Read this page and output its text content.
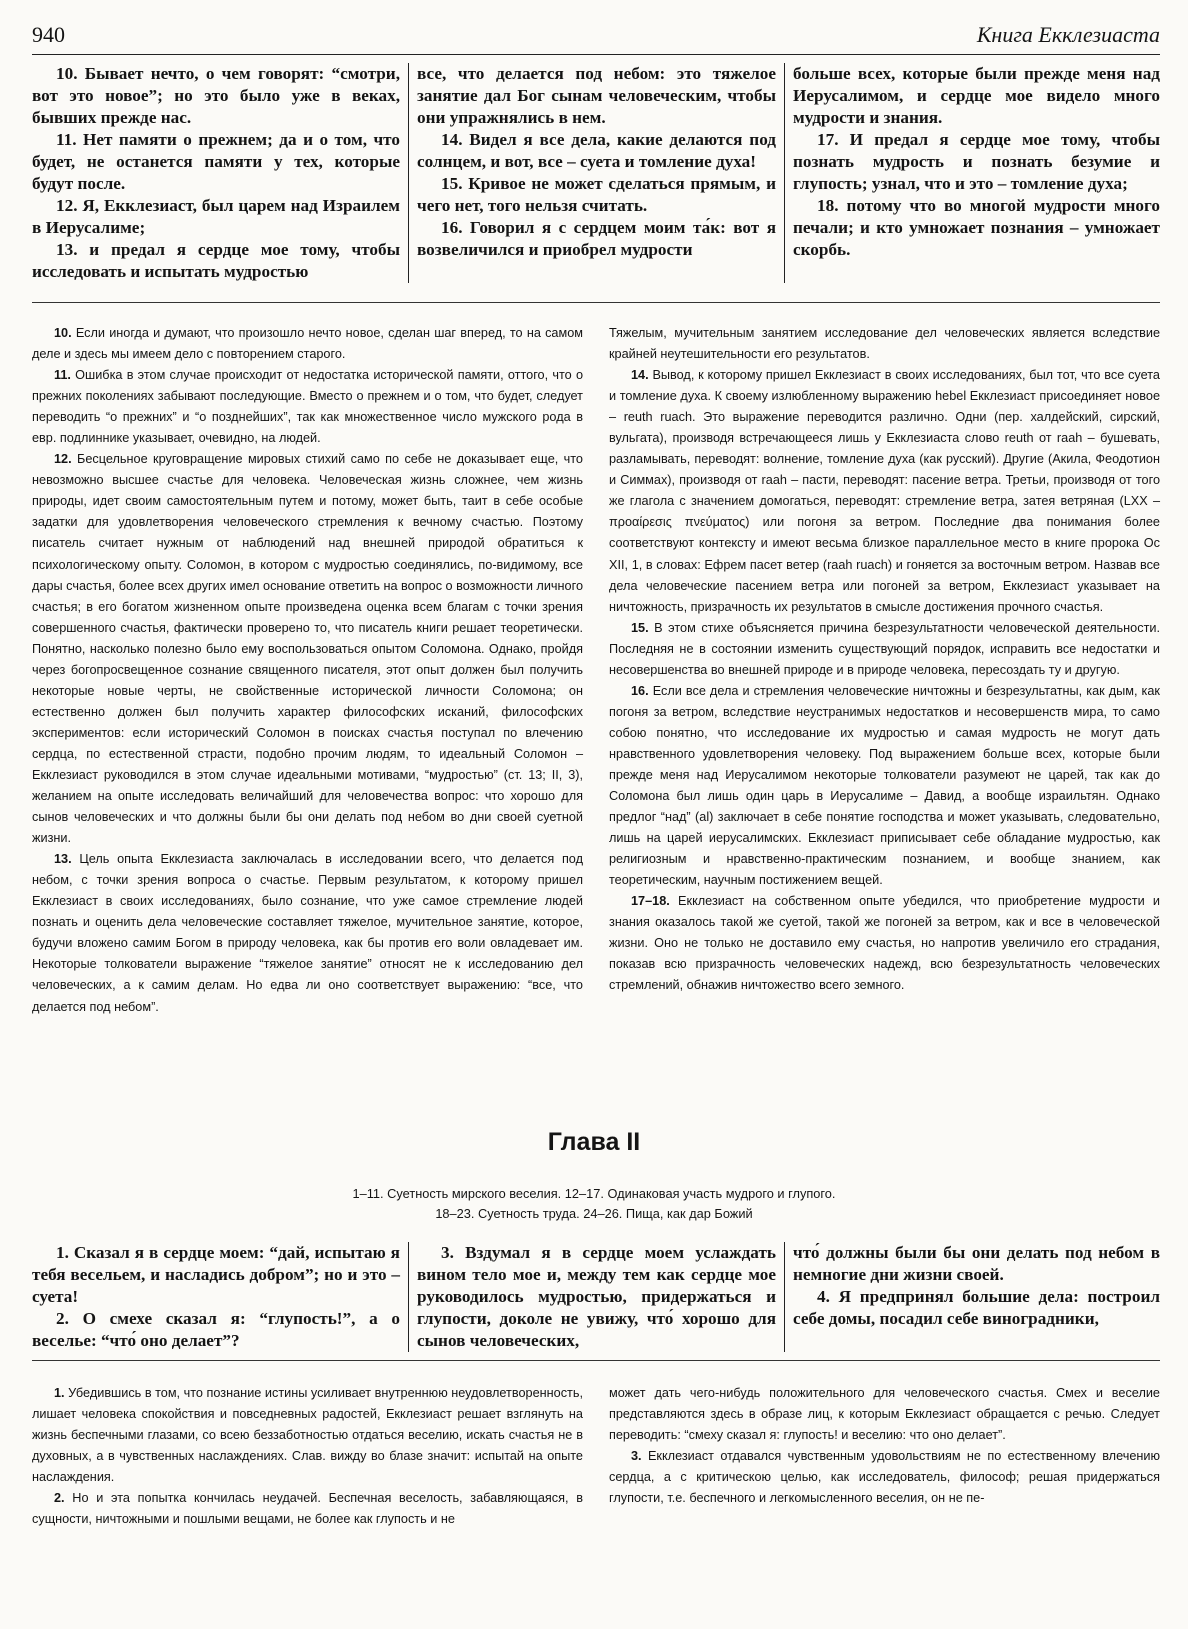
940	Книга Екклезиаста

10. Бывает нечто, о чем говорят: “смотри, вот это новое”; но это было уже в веках, бывших прежде нас.

11. Нет памяти о прежнем; да и о том, что будет, не останется памяти у тех, которые будут после.

12. Я, Екклезиаст, был царем над Израилем в Иерусалиме;

13. и предал я сердце мое тому, чтобы исследовать и испытать мудростью

все, что делается под небом: это тяжелое занятие дал Бог сынам человеческим, чтобы они упражнялись в нем.

14. Видел я все дела, какие делаются под солнцем, и вот, все – суета и томление духа!

15. Кривое не может сделаться прямым, и чего нет, того нельзя считать.

16. Говорил я с сердцем моим та́к: вот я возвеличился и приобрел мудрости

больше всех, которые были прежде меня над Иерусалимом, и сердце мое видело много мудрости и знания.

17. И предал я сердце мое тому, чтобы познать мудрость и познать безумие и глупость; узнал, что и это – томление духа;

18. потому что во многой мудрости много печали; и кто умножает познания – умножает скорбь.

10. Если иногда и думают, что произошло нечто новое, сделан шаг вперед, то на самом деле и здесь мы имеем дело с повторением старого.

11. Ошибка в этом случае происходит от недостатка исторической памяти, оттого, что о прежних поколениях забывают последующие. Вместо о прежнем и о том, что будет, следует переводить “о прежних” и “о позднейших”, так как множественное число мужского рода в евр. подлиннике указывает, очевидно, на людей.

12. Бесцельное круговращение мировых стихий само по себе не доказывает еще, что невозможно высшее счастье для человека. Человеческая жизнь сложнее, чем жизнь природы, идет своим самостоятельным путем и потому, может быть, таит в себе особые задатки для удовлетворения человеческого стремления к вечному счастью. Поэтому писатель считает нужным от наблюдений над внешней природой обратиться к психологическому опыту. Соломон, в котором с мудростью соединялись, по-видимому, все дары счастья, более всех других имел основание ответить на вопрос о возможности личного счастья; в его богатом жизненном опыте произведена оценка всем благам с точки зрения совершенного счастья, фактически проверено то, что писатель книги решает теоретически. Понятно, насколько полезно было ему воспользоваться опытом Соломона. Однако, пройдя через богопросвещенное сознание священного писателя, этот опыт должен был получить некоторые новые черты, не свойственные исторической личности Соломона; он естественно должен был получить характер философских исканий, философских экспериментов: если исторический Соломон в поисках счастья поступал по влечению сердца, по естественной страсти, подобно прочим людям, то идеальный Соломон – Екклезиаст руководился в этом случае идеальными мотивами, “мудростью” (ст. 13; II, 3), желанием на опыте исследовать величайший для человечества вопрос: что хорошо для сынов человеческих и что должны были бы они делать под небом во дни своей суетной жизни.

13. Цель опыта Екклезиаста заключалась в исследовании всего, что делается под небом, с точки зрения вопроса о счастье. Первым результатом, к которому пришел Екклезиаст в своих исследованиях, было сознание, что уже самое стремление людей познать и оценить дела человеческие составляет тяжелое, мучительное занятие, которое, будучи вложено самим Богом в природу человека, как бы против его воли овладевает им. Некоторые толкователи выражение “тяжелое занятие” относят не к исследованию дел человеческих, а к самим делам. Но едва ли оно соответствует выражению: “все, что делается под небом”.

Тяжелым, мучительным занятием исследование дел человеческих является вследствие крайней неутешительности его результатов.

14. Вывод, к которому пришел Екклезиаст в своих исследованиях, был тот, что все суета и томление духа. К своему излюбленному выражению hebel Екклезиаст присоединяет новое – reuth ruach. Это выражение переводится различно. Одни (пер. халдейский, сирский, вульгата), производя встречающееся лишь у Екклезиаста слово reuth от raah – бушевать, разламывать, переводят: волнение, томление духа (как русский). Другие (Акила, Феодотион и Симмах), производя от raah – пасти, переводят: пасение ветра. Третьи, производя от того же глагола с значением домогаться, переводят: стремление ветра, затея ветряная (LXX – προαίρεσις πνεύματος) или погоня за ветром. Последние два понимания более соответствуют контексту и имеют весьма близкое параллельное место в книге пророка Ос XII, 1, в словах: Ефрем пасет ветер (raah ruach) и гоняется за восточным ветром. Назвав все дела человеческие пасением ветра или погоней за ветром, Екклезиаст указывает на ничтожность, призрачность их результатов в смысле достижения прочного счастья.

15. В этом стихе объясняется причина безрезультатности человеческой деятельности. Последняя не в состоянии изменить существующий порядок, исправить все недостатки и несовершенства во внешней природе и в природе человека, пересоздать ту и другую.

16. Если все дела и стремления человеческие ничтожны и безрезультатны, как дым, как погоня за ветром, вследствие неустранимых недостатков и несовершенств мира, то само собою понятно, что исследование их мудростью и самая мудрость не могут дать нравственного удовлетворения человеку. Под выражением больше всех, которые были прежде меня над Иерусалимом некоторые толкователи разумеют не царей, так как до Соломона был лишь один царь в Иерусалиме – Давид, а вообще израильтян. Однако предлог “над” (al) заключает в себе понятие господства и может указывать, следовательно, лишь на царей иерусалимских. Екклезиаст приписывает себе обладание мудростью, как религиозным и нравственно-практическим познанием, и вообще знанием, как теоретическим, научным постижением вещей.

17–18. Екклезиаст на собственном опыте убедился, что приобретение мудрости и знания оказалось такой же суетой, такой же погоней за ветром, как и все в человеческой жизни. Оно не только не доставило ему счастья, но напротив увеличило его страдания, показав всю призрачность человеческих надежд, всю безрезультатность человеческих стремлений, обнажив ничтожество всего земного.

Глава II
1–11. Суетность мирского веселия. 12–17. Одинаковая участь мудрого и глупого.
18–23. Суетность труда. 24–26. Пища, как дар Божий

1. Сказал я в сердце моем: “дай, испытаю я тебя весельем, и насладись добром”; но и это – суета!

2. О смехе сказал я: “глупость!”, а о веселье: “что́ оно делает”?

3. Вздумал я в сердце моем услаждать вином тело мое и, между тем как сердце мое руководилось мудростью, придержаться и глупости, доколе не увижу, что́ хорошо для сынов человеческих,

что́ должны были бы они делать под небом в немногие дни жизни своей.

4. Я предпринял большие дела: построил себе домы, посадил себе виноградники,

1. Убедившись в том, что познание истины усиливает внутреннюю неудовлетворенность, лишает человека спокойствия и повседневных радостей, Екклезиаст решает взглянуть на жизнь беспечными глазами, со всею беззаботностью отдаться веселию, искать счастья не в духовных, а в чувственных наслаждениях. Слав. вижду во блазе значит: испытай на опыте наслаждения.

2. Но и эта попытка кончилась неудачей. Беспечная веселость, забавляющаяся, в сущности, ничтожными и пошлыми вещами, не более как глупость и не

может дать чего-нибудь положительного для человеческого счастья. Смех и веселие представляются здесь в образе лиц, к которым Екклезиаст обращается с речью. Следует переводить: “смеху сказал я: глупость! и веселию: что оно делает”.

3. Екклезиаст отдавался чувственным удовольствиям не по естественному влечению сердца, а с критическою целью, как исследователь, философ; решая придержаться глупости, т.е. беспечного и легкомысленного веселия, он не пе-
